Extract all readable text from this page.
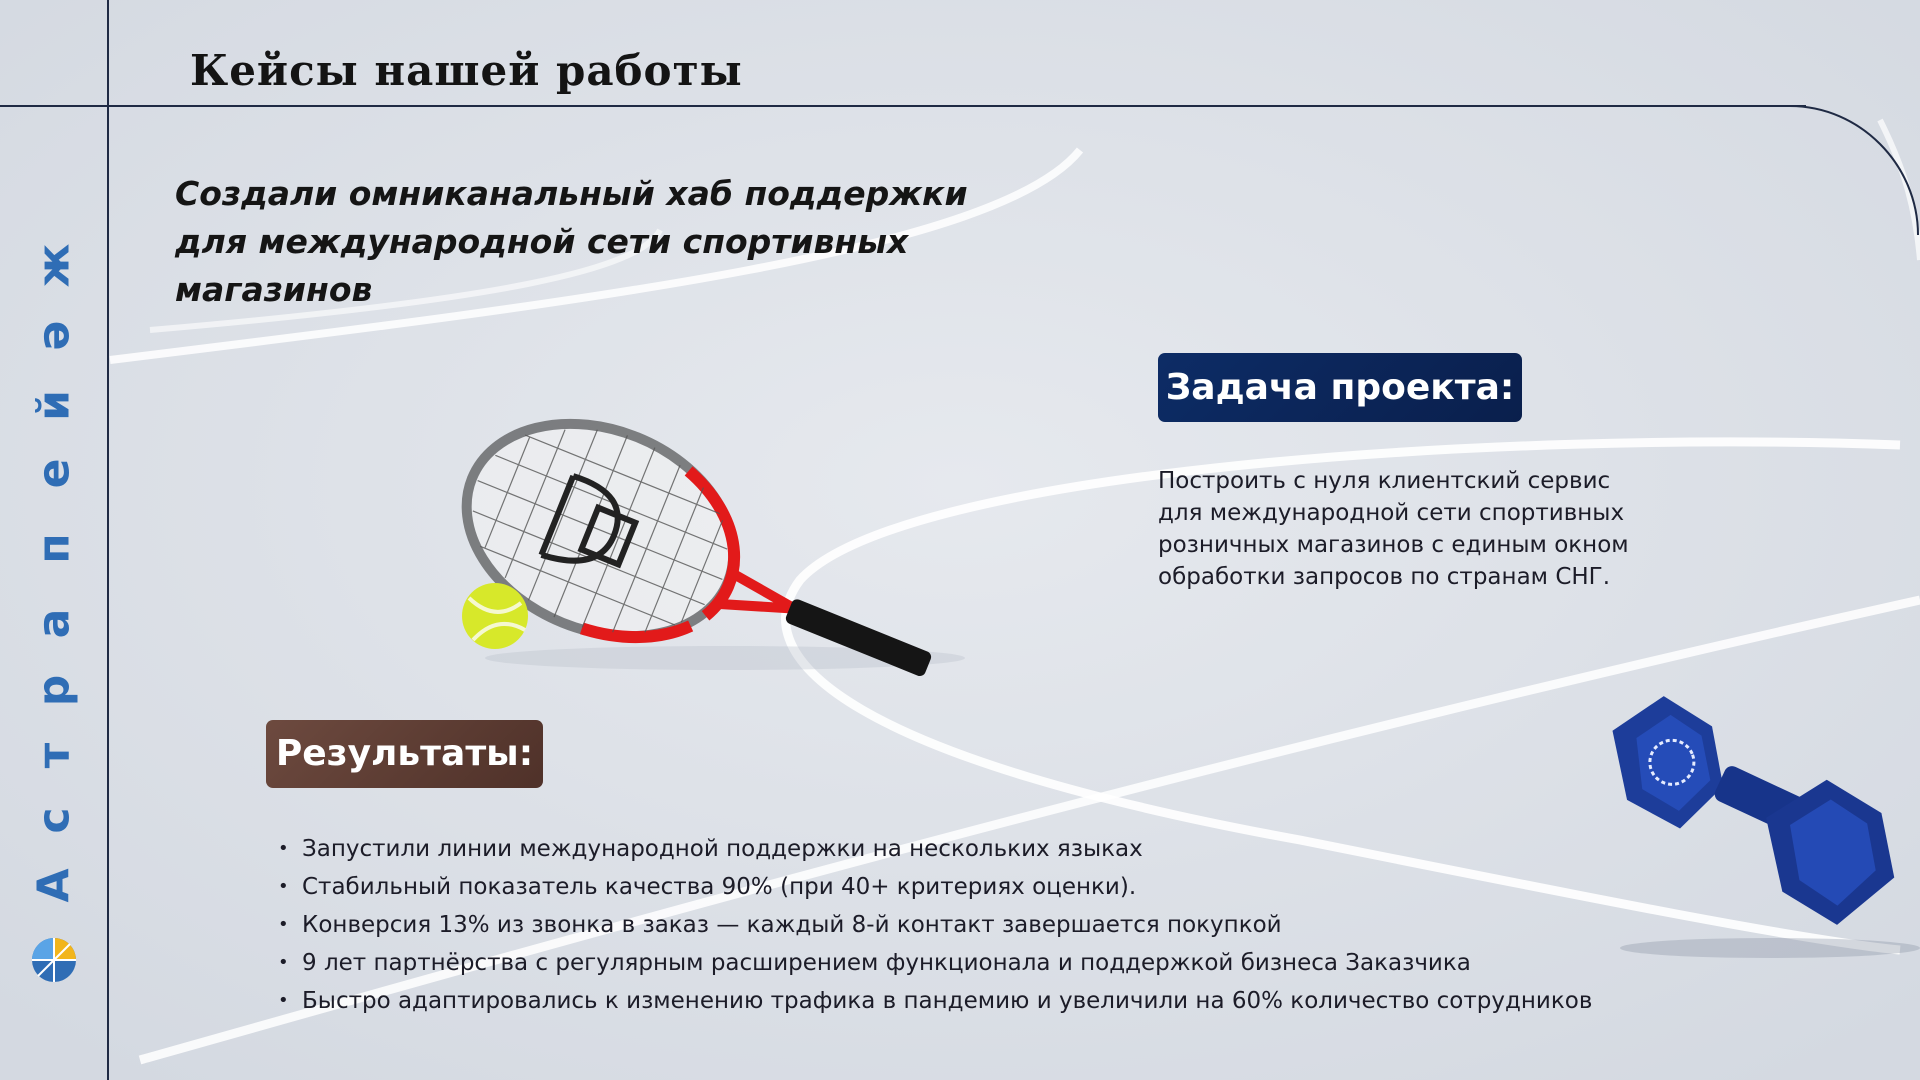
Кейсы нашей работы
А
с
т
р
а
п
е
й
ә
ж
Создали омниканальный хаб поддержки
для международной сети спортивных
магазинов
Задача проекта:
Построить с нуля клиентский сервис
для международной сети спортивных
розничных магазинов с единым окном
обработки запросов по странам СНГ.
Результаты:
• Запустили линии международной поддержки на нескольких языках
• Стабильный показатель качества 90% (при 40+ критериях оценки).
• Конверсия 13% из звонка в заказ — каждый 8-й контакт завершается покупкой
• 9 лет партнёрства с регулярным расширением функционала и поддержкой бизнеса Заказчика
• Быстро адаптировались к изменению трафика в пандемию и увеличили на 60% количество сотрудников
